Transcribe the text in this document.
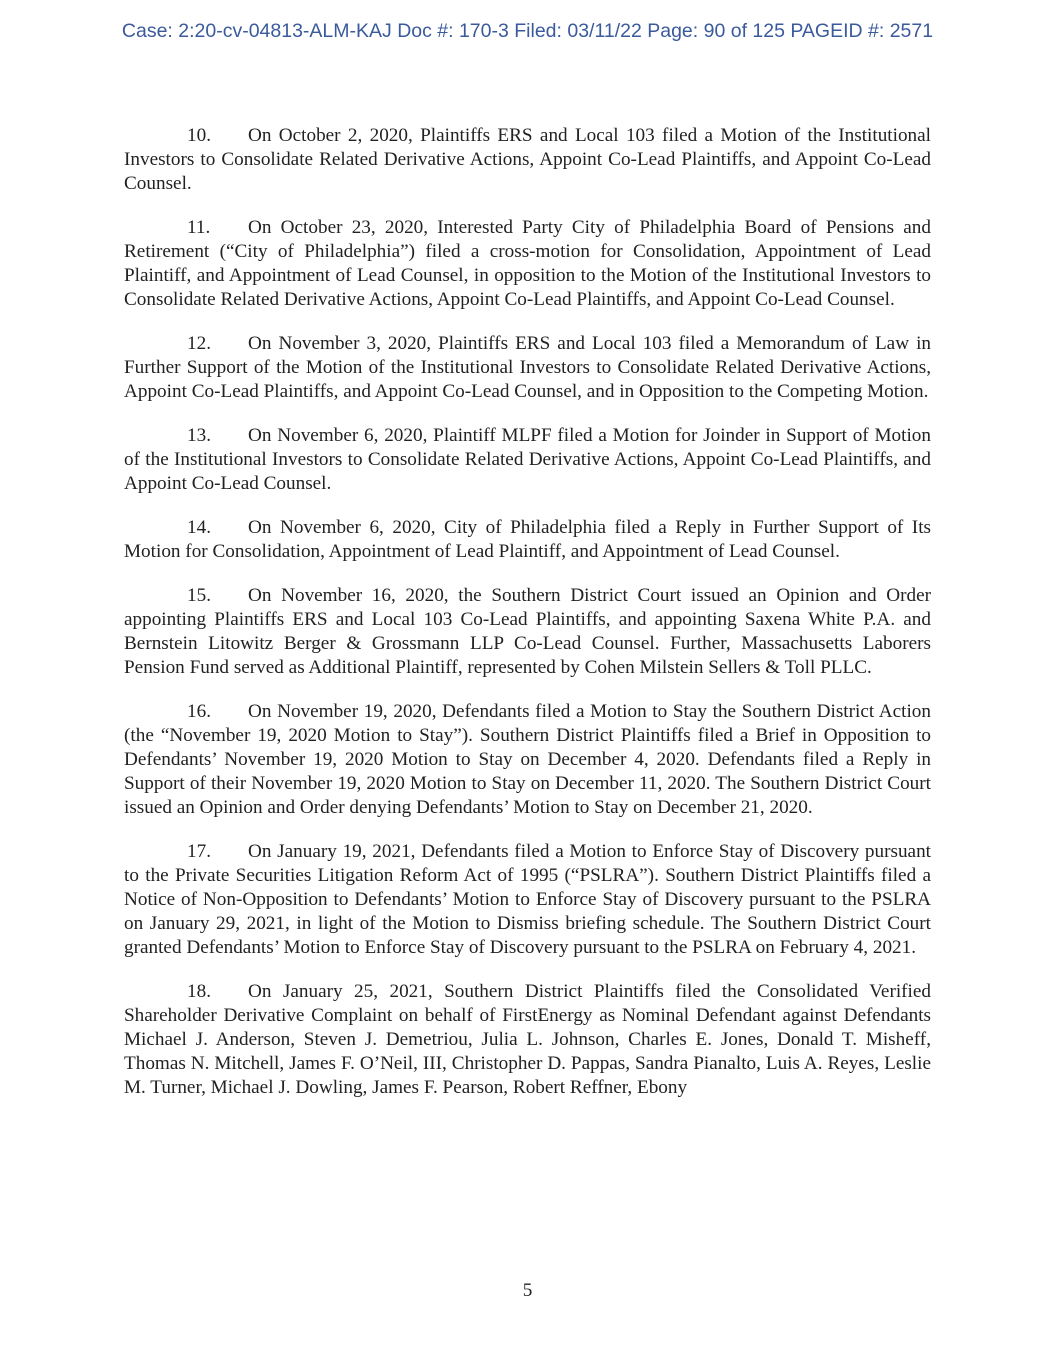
Case: 2:20-cv-04813-ALM-KAJ Doc #: 170-3 Filed: 03/11/22 Page: 90 of 125 PAGEID #: 2571

10. On October 2, 2020, Plaintiffs ERS and Local 103 filed a Motion of the Institutional Investors to Consolidate Related Derivative Actions, Appoint Co-Lead Plaintiffs, and Appoint Co-Lead Counsel.

11. On October 23, 2020, Interested Party City of Philadelphia Board of Pensions and Retirement (“City of Philadelphia”) filed a cross-motion for Consolidation, Appointment of Lead Plaintiff, and Appointment of Lead Counsel, in opposition to the Motion of the Institutional Investors to Consolidate Related Derivative Actions, Appoint Co-Lead Plaintiffs, and Appoint Co-Lead Counsel.

12. On November 3, 2020, Plaintiffs ERS and Local 103 filed a Memorandum of Law in Further Support of the Motion of the Institutional Investors to Consolidate Related Derivative Actions, Appoint Co-Lead Plaintiffs, and Appoint Co-Lead Counsel, and in Opposition to the Competing Motion.

13. On November 6, 2020, Plaintiff MLPF filed a Motion for Joinder in Support of Motion of the Institutional Investors to Consolidate Related Derivative Actions, Appoint Co-Lead Plaintiffs, and Appoint Co-Lead Counsel.

14. On November 6, 2020, City of Philadelphia filed a Reply in Further Support of Its Motion for Consolidation, Appointment of Lead Plaintiff, and Appointment of Lead Counsel.

15. On November 16, 2020, the Southern District Court issued an Opinion and Order appointing Plaintiffs ERS and Local 103 Co-Lead Plaintiffs, and appointing Saxena White P.A. and Bernstein Litowitz Berger & Grossmann LLP Co-Lead Counsel. Further, Massachusetts Laborers Pension Fund served as Additional Plaintiff, represented by Cohen Milstein Sellers & Toll PLLC.

16. On November 19, 2020, Defendants filed a Motion to Stay the Southern District Action (the “November 19, 2020 Motion to Stay”). Southern District Plaintiffs filed a Brief in Opposition to Defendants’ November 19, 2020 Motion to Stay on December 4, 2020. Defendants filed a Reply in Support of their November 19, 2020 Motion to Stay on December 11, 2020. The Southern District Court issued an Opinion and Order denying Defendants’ Motion to Stay on December 21, 2020.

17. On January 19, 2021, Defendants filed a Motion to Enforce Stay of Discovery pursuant to the Private Securities Litigation Reform Act of 1995 (“PSLRA”). Southern District Plaintiffs filed a Notice of Non-Opposition to Defendants’ Motion to Enforce Stay of Discovery pursuant to the PSLRA on January 29, 2021, in light of the Motion to Dismiss briefing schedule. The Southern District Court granted Defendants’ Motion to Enforce Stay of Discovery pursuant to the PSLRA on February 4, 2021.

18. On January 25, 2021, Southern District Plaintiffs filed the Consolidated Verified Shareholder Derivative Complaint on behalf of FirstEnergy as Nominal Defendant against Defendants Michael J. Anderson, Steven J. Demetriou, Julia L. Johnson, Charles E. Jones, Donald T. Misheff, Thomas N. Mitchell, James F. O’Neil, III, Christopher D. Pappas, Sandra Pianalto, Luis A. Reyes, Leslie M. Turner, Michael J. Dowling, James F. Pearson, Robert Reffner, Ebony

5
